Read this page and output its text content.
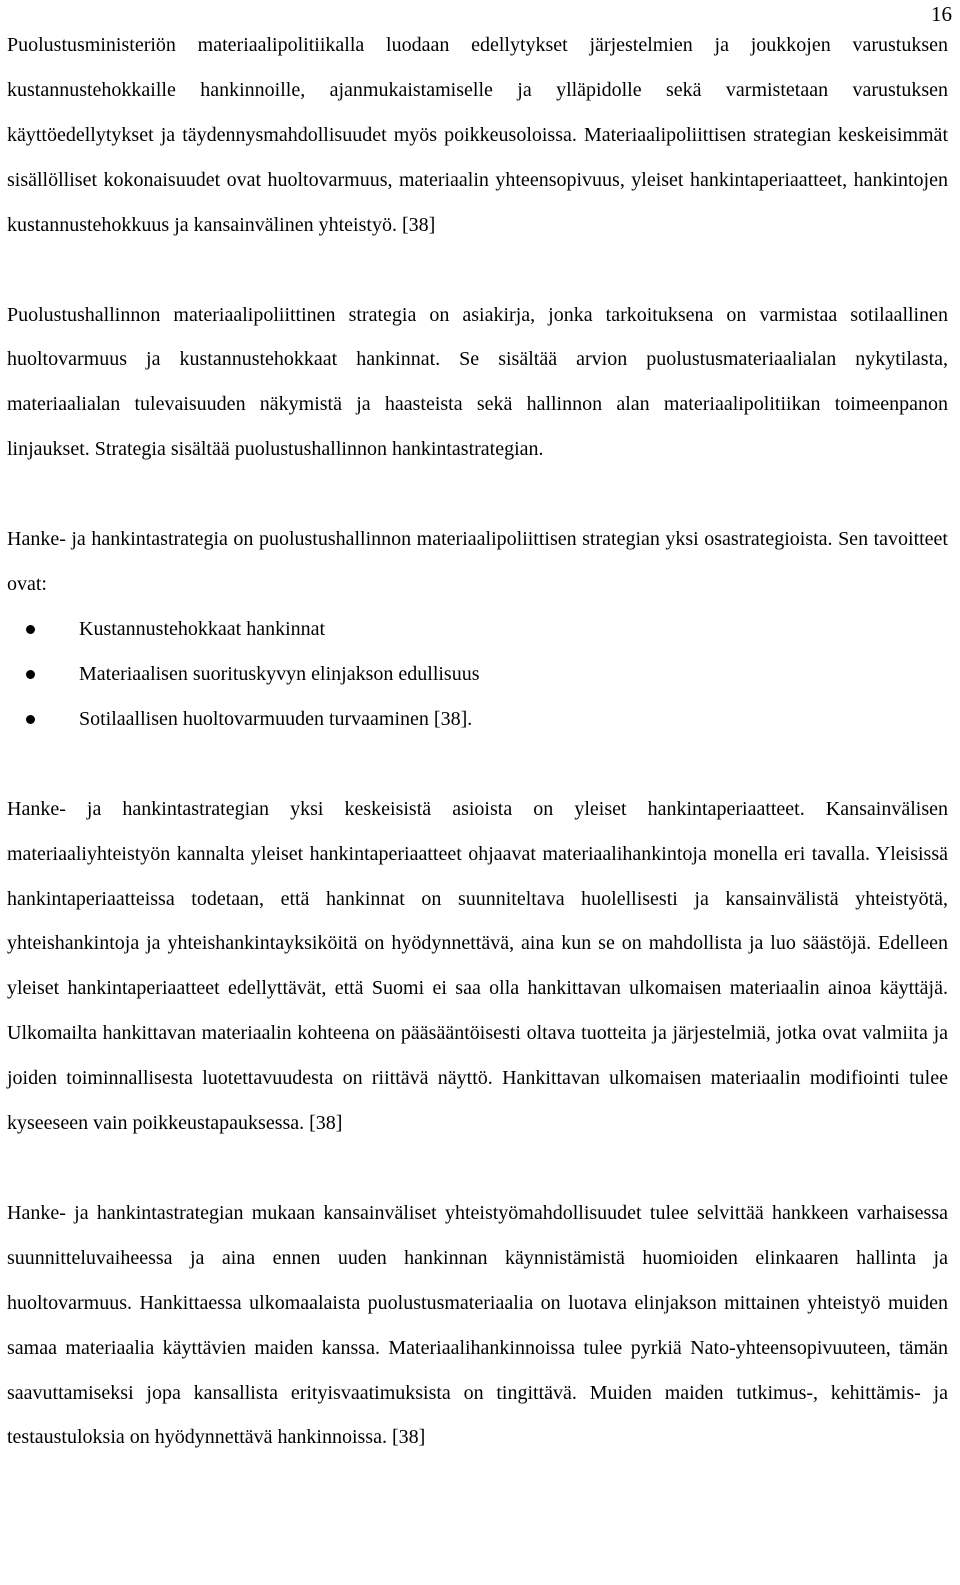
16

Puolustusministeriön materiaalipolitiikalla luodaan edellytykset järjestelmien ja joukkojen varustuksen kustannustehokkaille hankinnoille, ajanmukaistamiselle ja ylläpidolle sekä varmistetaan varustuksen käyttöedellytykset ja täydennysmahdollisuudet myös poikkeusoloissa. Materiaalipoliittisen strategian keskeisimmät sisällölliset kokonaisuudet ovat huoltovarmuus, materiaalin yhteensopivuus, yleiset hankintaperiaatteet, hankintojen kustannustehokkuus ja kansainvälinen yhteistyö. [38]

Puolustushallinnon materiaalipoliittinen strategia on asiakirja, jonka tarkoituksena on varmistaa sotilaallinen huoltovarmuus ja kustannustehokkaat hankinnat. Se sisältää arvion puolustusmateriaalialan nykytilasta, materiaalialan tulevaisuuden näkymistä ja haasteista sekä hallinnon alan materiaalipolitiikan toimeenpanon linjaukset. Strategia sisältää puolustushallinnon hankintastrategian.

Hanke- ja hankintastrategia on puolustushallinnon materiaalipoliittisen strategian yksi osastrategioista. Sen tavoitteet ovat:

Kustannustehokkaat hankinnat
Materiaalisen suorituskyvyn elinjakson edullisuus
Sotilaallisen huoltovarmuuden turvaaminen [38].

Hanke- ja hankintastrategian yksi keskeisistä asioista on yleiset hankintaperiaatteet. Kansainvälisen materiaaliyhteistyön kannalta yleiset hankintaperiaatteet ohjaavat materiaalihankintoja monella eri tavalla. Yleisissä hankintaperiaatteissa todetaan, että hankinnat on suunniteltava huolellisesti ja kansainvälistä yhteistyötä, yhteishankintoja ja yhteishankintayksiköitä on hyödynnettävä, aina kun se on mahdollista ja luo säästöjä. Edelleen yleiset hankintaperiaatteet edellyttävät, että Suomi ei saa olla hankittavan ulkomaisen materiaalin ainoa käyttäjä. Ulkomailta hankittavan materiaalin kohteena on pääsääntöisesti oltava tuotteita ja järjestelmiä, jotka ovat valmiita ja joiden toiminnallisesta luotettavuudesta on riittävä näyttö. Hankittavan ulkomaisen materiaalin modifiointi tulee kyseeseen vain poikkeustapauksessa. [38]

Hanke- ja hankintastrategian mukaan kansainväliset yhteistyömahdollisuudet tulee selvittää hankkeen varhaisessa suunnitteluvaiheessa ja aina ennen uuden hankinnan käynnistämistä huomioiden elinkaaren hallinta ja huoltovarmuus. Hankittaessa ulkomaalaista puolustusmateriaalia on luotava elinjakson mittainen yhteistyö muiden samaa materiaalia käyttävien maiden kanssa. Materiaalihankinnoissa tulee pyrkiä Nato-yhteensopivuuteen, tämän saavuttamiseksi jopa kansallista erityisvaatimuksista on tingittävä. Muiden maiden tutkimus-, kehittämis- ja testaustuloksia on hyödynnettävä hankinnoissa. [38]
